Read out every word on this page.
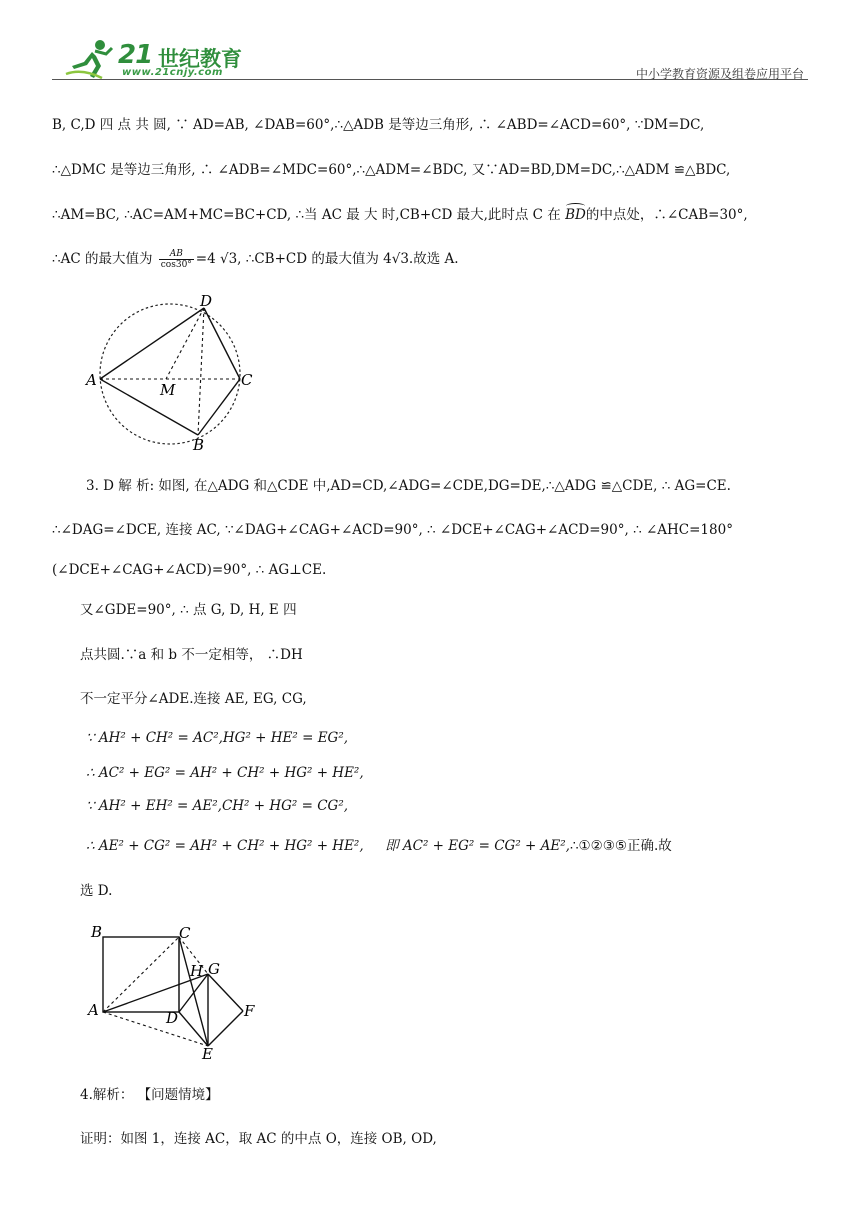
21 世纪教育
www.21cnjy.com	中小学教育资源及组卷应用平台
B, C,D 四 点 共 圆, ∵ AD=AB, ∠DAB=60°,∴△ADB 是等边三角形, ∴ ∠ABD=∠ACD=60°, ∵DM=DC,
∴△DMC 是等边三角形, ∴ ∠ADB=∠MDC=60°,∴△ADM=∠BDC, 又∵AD=BD,DM=DC,∴△ADM ≌△BDC,
∴AM=BC, ∴AC=AM+MC=BC+CD, ∴当 AC 最 大 时,CB+CD 最大,此时点 C 在 BD的中点处，∴∠CAB=30°,
∴AC 的最大值为 $\frac{AB}{\cos 30^\circ} =4$ √3, ∴CB+CD 的最大值为 4√3.故选 A.
D
A	C
M
B
3. D 解 析: 如图, 在△ADG 和△CDE 中,AD=CD,∠ADG=∠CDE,DG=DE,∴△ADG ≌△CDE, ∴ AG=CE.
∴∠DAG=∠DCE, 连接 AC, ∵∠DAG+∠CAG+∠ACD=90°, ∴ ∠DCE+∠CAG+∠ACD=90°, ∴ ∠AHC=180°
(∠DCE+∠CAG+∠ACD)=90°, ∴ AG⊥CE.
又∠GDE=90°, ∴ 点 G, D, H, E 四
点共圆.∵a 和 b 不一定相等， ∴DH
不一定平分∠ADE.连接 AE, EG, CG,
∵ AH² + CH² = AC²,HG² + HE² = EG²,
∴ AC² + EG² = AH² + CH² + HG² + HE²,
∵ AH² + EH² = AE²,CH² + HG² = CG²,
∴ AE² + CG² = AH² + CH² + HG² + HE², 即 AC² + EG² = CG² + AE²,∴①②③⑤正确.故
选 D.
B	C
H G
A	D	F
E
4.解析： 【问题情境】
证明：如图 1，连接 AC，取 AC 的中点 O，连接 OB, OD,
